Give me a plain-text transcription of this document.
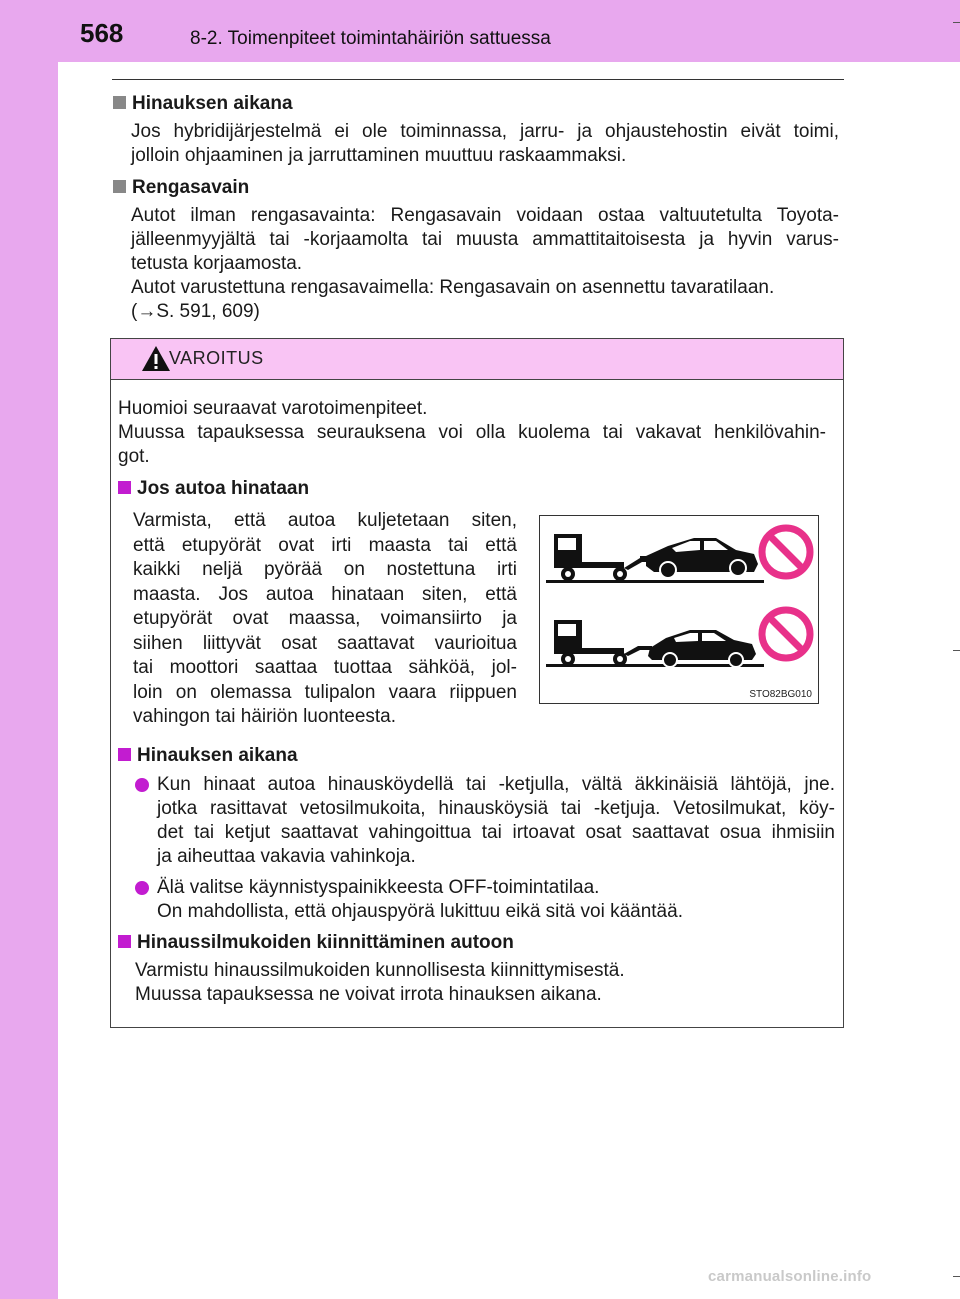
568	8-2. Toimenpiteet toimintahäiriön sattuessa
Hinauksen aikana
Jos hybridijärjestelmä ei ole toiminnassa, jarru- ja ohjaustehostin eivät toimi,
jolloin ohjaaminen ja jarruttaminen muuttuu raskaammaksi.
Rengasavain
Autot ilman rengasavainta: Rengasavain voidaan ostaa valtuutetulta Toyota-
jälleenmyyjältä tai -korjaamolta tai muusta ammattitaitoisesta ja hyvin varus-
tetusta korjaamosta.
Autot varustettuna rengasavaimella: Rengasavain on asennettu tavaratilaan.
(→S. 591, 609)
VAROITUS
Huomioi seuraavat varotoimenpiteet.
Muussa tapauksessa seurauksena voi olla kuolema tai vakavat henkilövahin-
got.
Jos autoa hinataan
Varmista, että autoa kuljetetaan siten,
että etupyörät ovat irti maasta tai että
kaikki neljä pyörää on nostettuna irti
maasta. Jos autoa hinataan siten, että
etupyörät ovat maassa, voimansiirto ja
siihen liittyvät osat saattavat vaurioitua
tai moottori saattaa tuottaa sähköä, jol-
loin on olemassa tulipalon vaara riippuen
vahingon tai häiriön luonteesta.
STO82BG010
Hinauksen aikana
Kun hinaat autoa hinausköydellä tai -ketjulla, vältä äkkinäisiä lähtöjä, jne.
jotka rasittavat vetosilmukoita, hinausköysiä tai -ketjuja. Vetosilmukat, köy-
det tai ketjut saattavat vahingoittua tai irtoavat osat saattavat osua ihmisiin
ja aiheuttaa vakavia vahinkoja.
Älä valitse käynnistyspainikkeesta OFF-toimintatilaa.
On mahdollista, että ohjauspyörä lukittuu eikä sitä voi kääntää.
Hinaussilmukoiden kiinnittäminen autoon
Varmistu hinaussilmukoiden kunnollisesta kiinnittymisestä.
Muussa tapauksessa ne voivat irrota hinauksen aikana.
carmanualsonline.info
